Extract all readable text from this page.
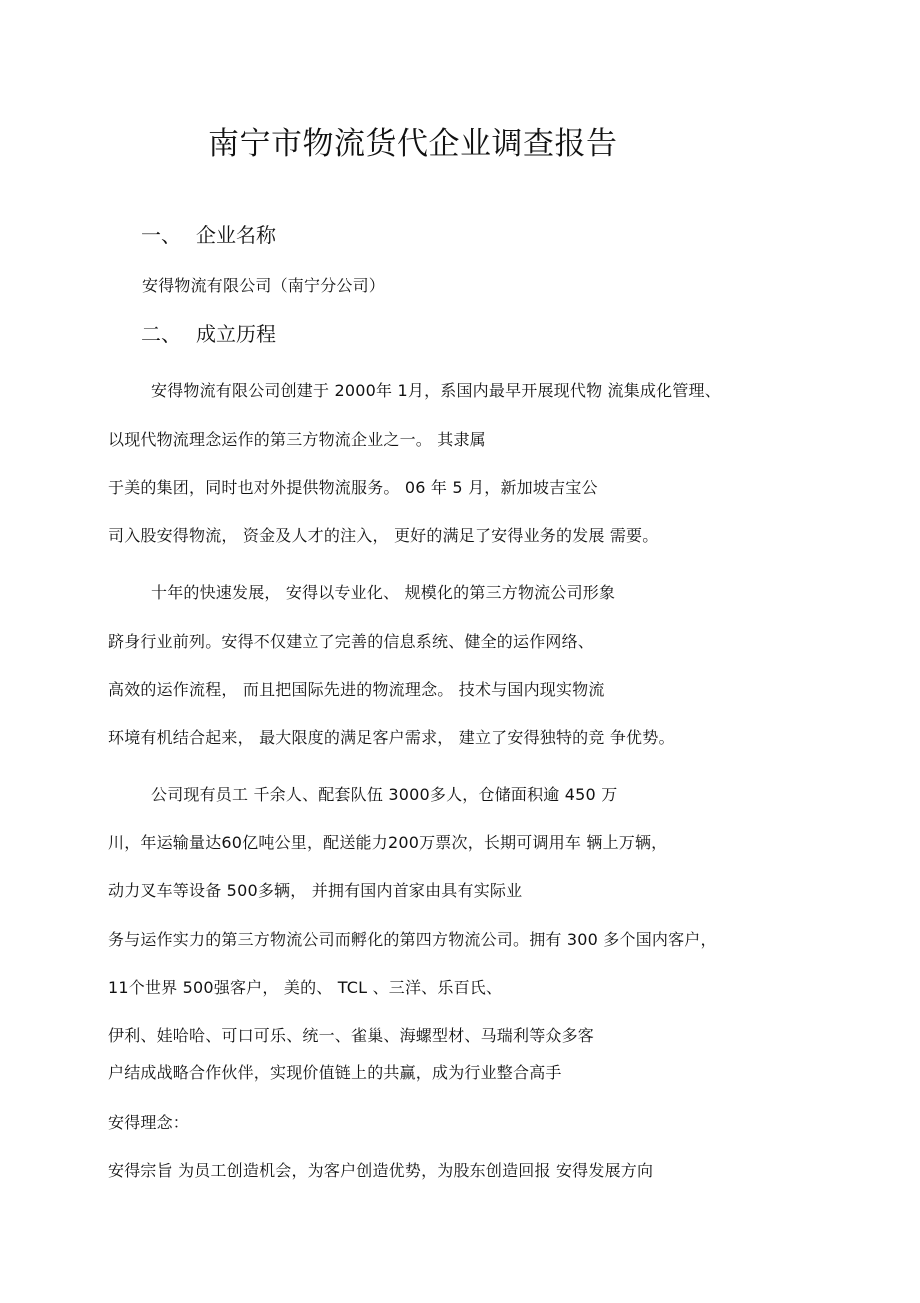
南宁市物流货代企业调查报告
一、 企业名称

安得物流有限公司（南宁分公司）

二、 成立历程

安得物流有限公司创建于 2000年 1月，系国内最早开展现代物 流集成化管理、

以现代物流理念运作的第三方物流企业之一。 其隶属

于美的集团，同时也对外提供物流服务。 06 年 5 月，新加坡吉宝公

司入股安得物流， 资金及人才的注入， 更好的满足了安得业务的发展 需要。

十年的快速发展， 安得以专业化、 规模化的第三方物流公司形象

跻身行业前列。安得不仅建立了完善的信息系统、健全的运作网络、

高效的运作流程， 而且把国际先进的物流理念。 技术与国内现实物流

环境有机结合起来， 最大限度的满足客户需求， 建立了安得独特的竞 争优势。

公司现有员工 千余人、配套队伍 3000多人，仓储面积逾 450 万

川，年运输量达60亿吨公里，配送能力200万票次，长期可调用车 辆上万辆，

动力叉车等设备 500多辆， 并拥有国内首家由具有实际业

务与运作实力的第三方物流公司而孵化的第四方物流公司。拥有 300 多个国内客户，

11个世界 500强客户， 美的、 TCL 、三洋、乐百氏、

伊利、娃哈哈、可口可乐、统一、雀巢、海螺型材、马瑞利等众多客

户结成战略合作伙伴，实现价值链上的共赢，成为行业整合高手

安得理念：

安得宗旨 为员工创造机会，为客户创造优势，为股东创造回报 安得发展方向
